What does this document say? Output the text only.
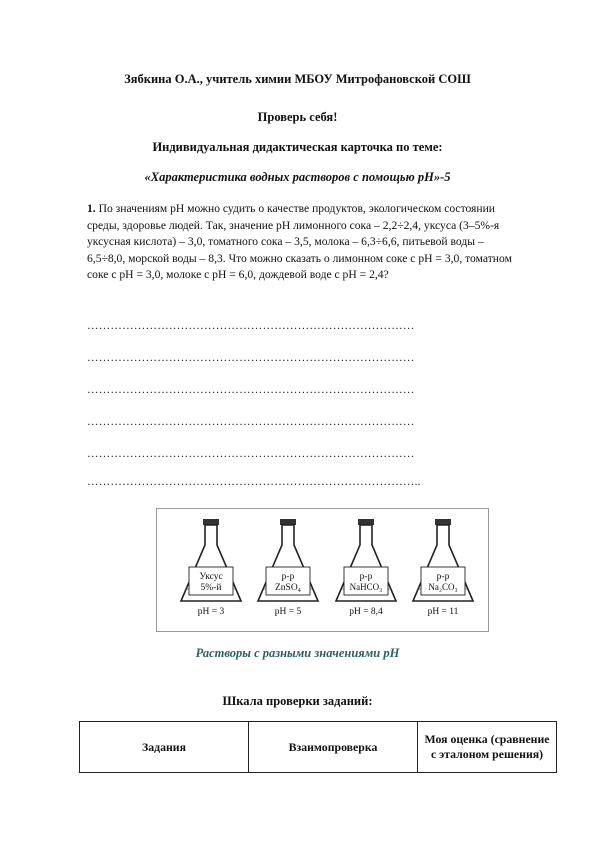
Зябкина О.А., учитель химии МБОУ Митрофановской СОШ
Проверь себя!
Индивидуальная дидактическая карточка по теме:
«Характеристика водных растворов с помощью рН»-5
1. По значениям рН можно судить о качестве продуктов, экологическом состоянии среды, здоровье людей. Так, значение рН лимонного сока – 2,2÷2,4, уксуса (3–5%-я уксусная кислота) – 3,0, томатного сока – 3,5, молока – 6,3÷6,6, питьевой воды – 6,5÷8,0, морской воды – 8,3. Что можно сказать о лимонном соке с рН = 3,0, томатном соке с рН = 3,0, молоке с рН = 6,0, дождевой воде с рН = 2,4?
…………………………………………………………………………
…………………………………………………………………………
…………………………………………………………………………
…………………………………………………………………………
…………………………………………………………………………
…………………………………………………………………………..
Уксус
5%-й
pH = 3
р-р
ZnSO₄
pH = 5
р-р
NaHCO₃
pH = 8,4
р-р
Na₂CO₃
pH = 11
Растворы с разными значениями рН
Шкала проверки заданий:
Задания	Взаимопроверка	Моя оценка (сравнение с эталоном решения)
